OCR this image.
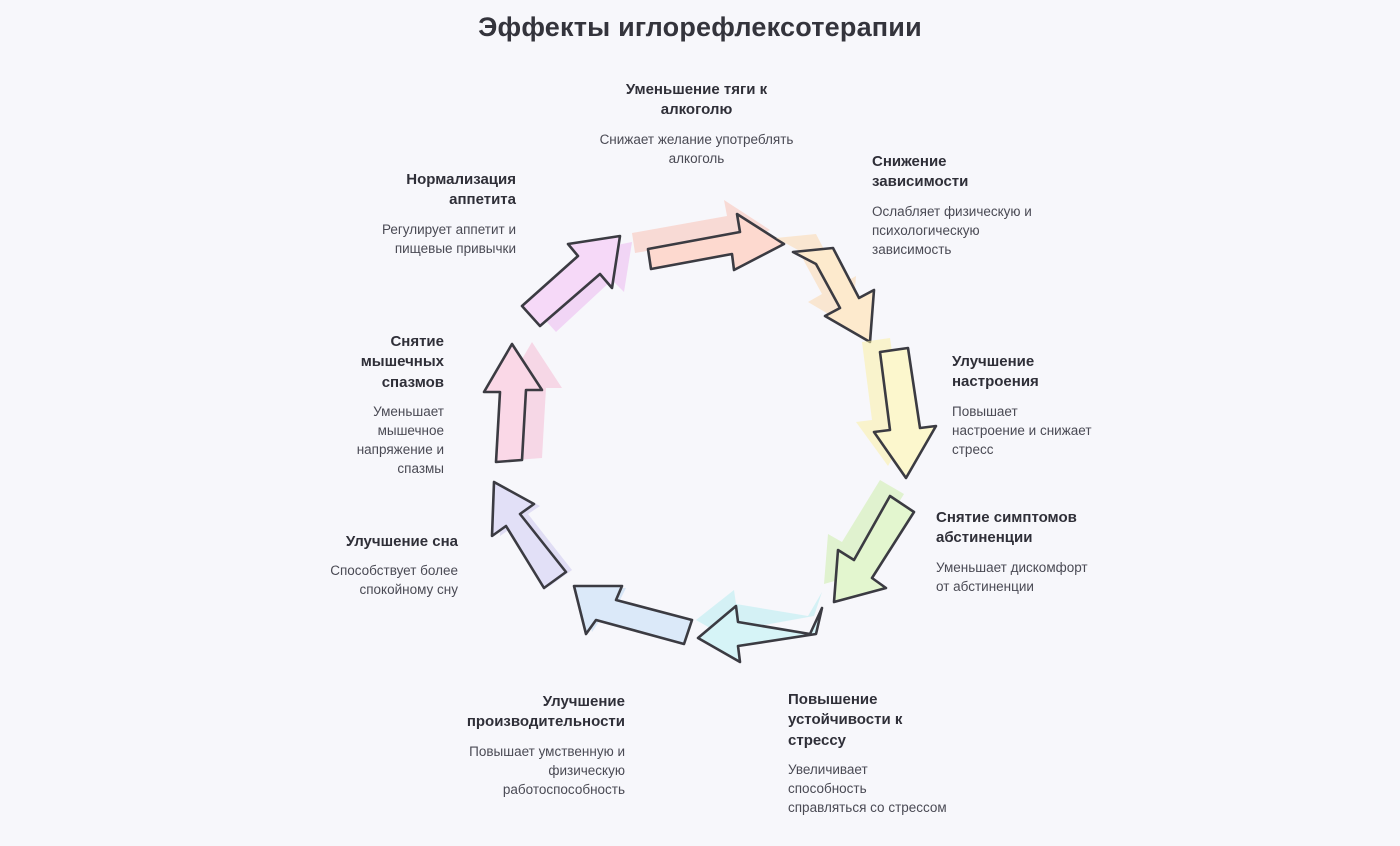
Эффекты иглорефлексотерапии
Уменьшение тяги к алкоголю
Снижает желание употреблять алкоголь	Снижение зависимости
Ослабляет физическую и психологическую зависимость
Улучшение настроения
Повышает настроение и снижает стресс
Снятие симптомов абстиненции
Уменьшает дискомфорт от абстиненции
Повышение устойчивости к стрессу
Увеличивает способность справляться со стрессом
Улучшение производительности
Повышает умственную и физическую работоспособность
Улучшение сна
Способствует более спокойному сну
Снятие мышечных спазмов
Уменьшает мышечное напряжение и спазмы
Нормализация аппетита
Регулирует аппетит и пищевые привычки
